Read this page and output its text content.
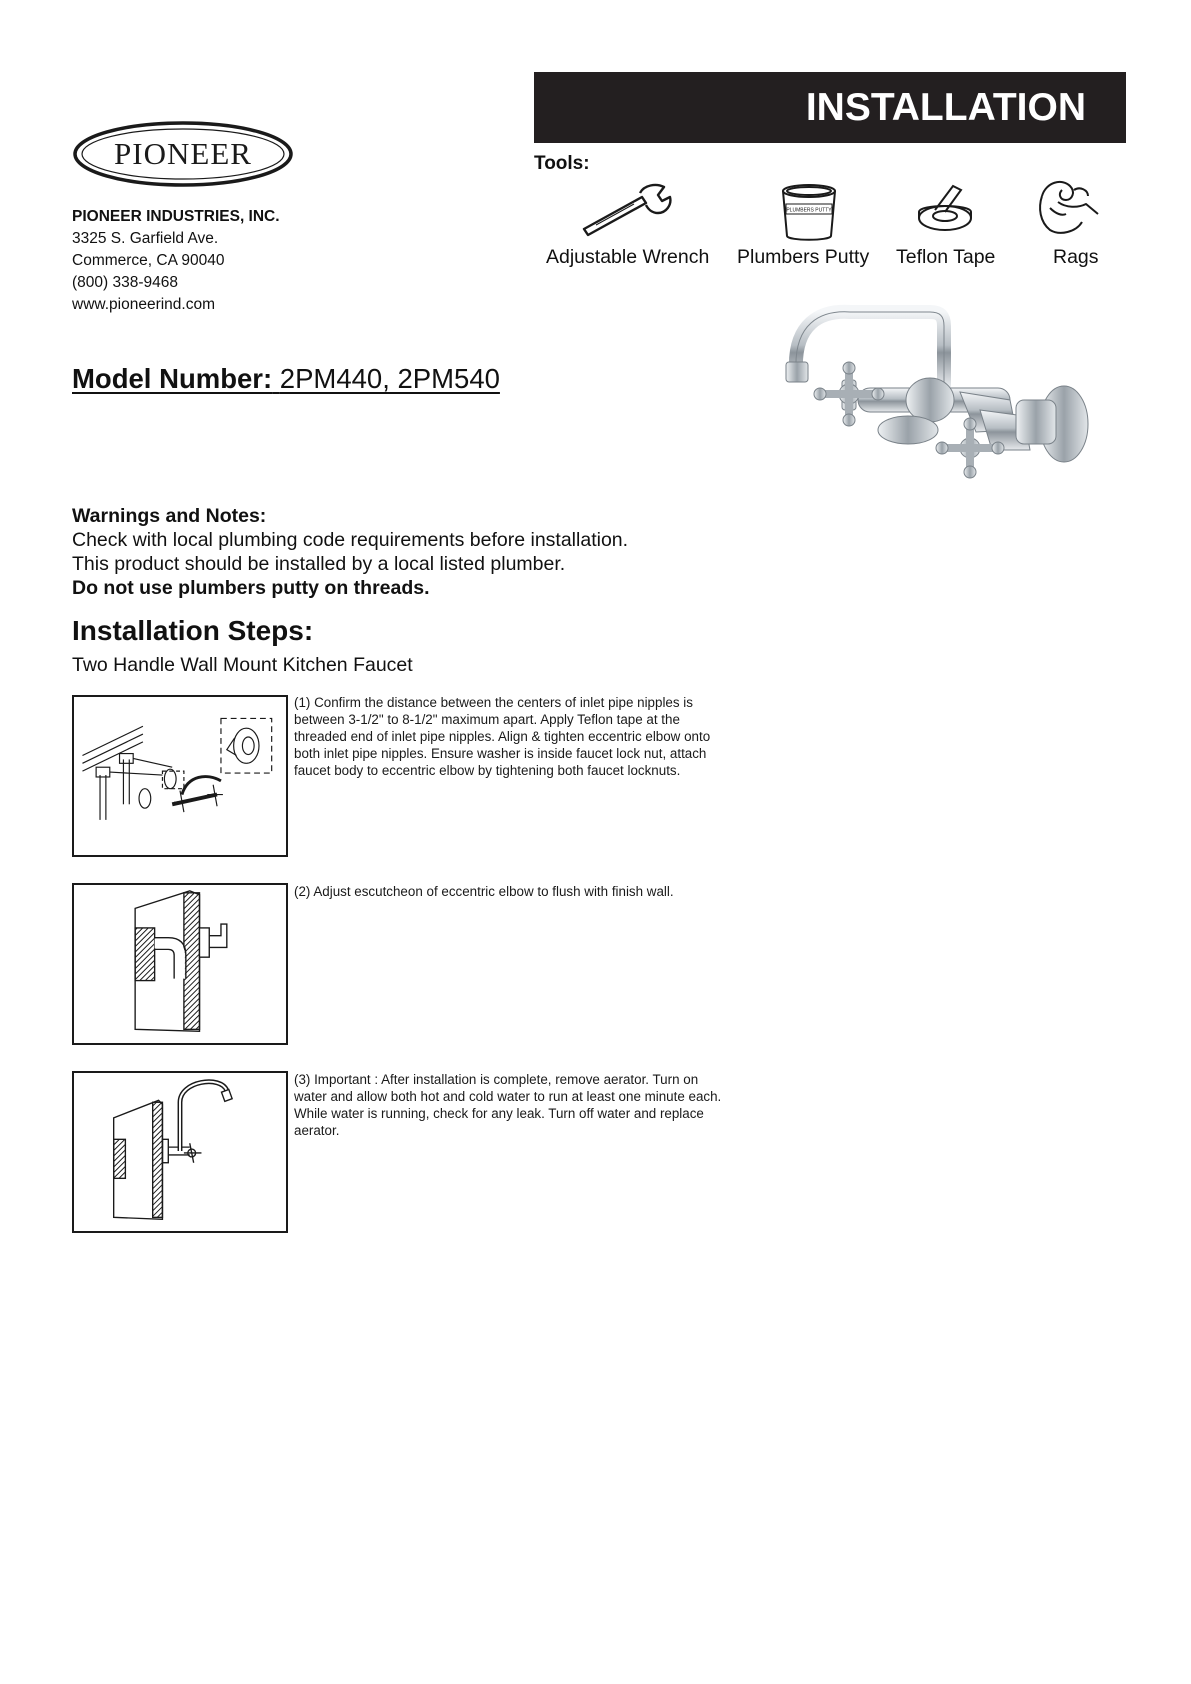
PIONEER
PIONEER INDUSTRIES, INC.
3325 S. Garfield Ave.
Commerce, CA 90040
(800) 338-9468
www.pioneerind.com
INSTALLATION
Tools:
Adjustable Wrench
PLUMBERS PUTTY
Plumbers Putty Teflon Tape	Rags
Model Number: 2PM440, 2PM540
Warnings and Notes:
Check with local plumbing code requirements before installation.
This product should be installed by a local listed plumber.
Do not use plumbers putty on threads.
Installation Steps:
Two Handle Wall Mount Kitchen Faucet
(1) Confirm the distance between the centers of inlet pipe nipples is between 3-1/2" to 8-1/2" maximum apart. Apply Teflon tape at the threaded end of inlet pipe nipples. Align & tighten eccentric elbow onto both inlet pipe nipples. Ensure washer is inside faucet lock nut, attach faucet body to eccentric elbow by tightening both faucet locknuts.
(2) Adjust escutcheon of eccentric elbow to flush with finish wall.
(3) Important : After installation is complete, remove aerator. Turn on water and allow both hot and cold water to run at least one minute each. While water is running, check for any leak. Turn off water and replace aerator.
